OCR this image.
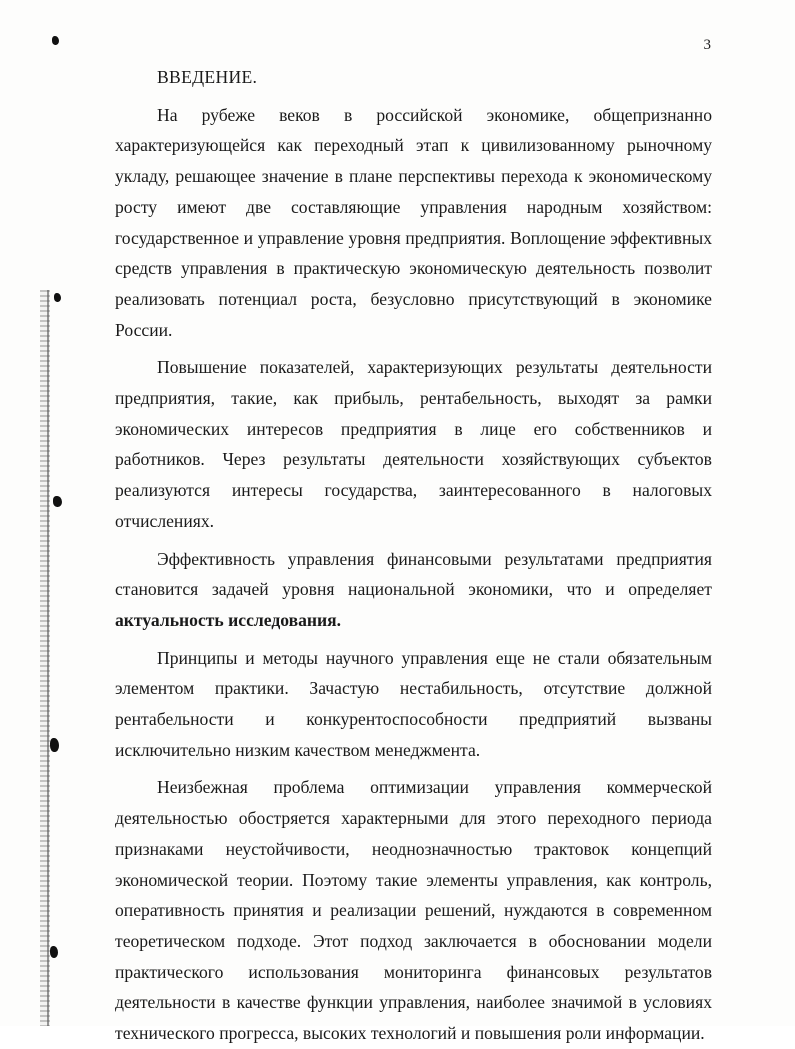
3
ВВЕДЕНИЕ.

На рубеже веков в российской экономике, общепризнанно характеризующейся как переходный этап к цивилизованному рыночному укладу, решающее значение в плане перспективы перехода к экономическому росту имеют две составляющие управления народным хозяйством: государственное и управление уровня предприятия. Воплощение эффективных средств управления в практическую экономическую деятельность позволит реализовать потенциал роста, безусловно присутствующий в экономике России.

Повышение показателей, характеризующих результаты деятельности предприятия, такие, как прибыль, рентабельность, выходят за рамки экономических интересов предприятия в лице его собственников и работников. Через результаты деятельности хозяйствующих субъектов реализуются интересы государства, заинтересованного в налоговых отчислениях.

Эффективность управления финансовыми результатами предприятия становится задачей уровня национальной экономики, что и определяет актуальность исследования.

Принципы и методы научного управления еще не стали обязательным элементом практики. Зачастую нестабильность, отсутствие должной рентабельности и конкурентоспособности предприятий вызваны исключительно низким качеством менеджмента.

Неизбежная проблема оптимизации управления коммерческой деятельностью обостряется характерными для этого переходного периода признаками неустойчивости, неоднозначностью трактовок концепций экономической теории. Поэтому такие элементы управления, как контроль, оперативность принятия и реализации решений, нуждаются в современном теоретическом подходе. Этот подход заключается в обосновании модели практического использования мониторинга финансовых результатов деятельности в качестве функции управления, наиболее значимой в условиях технического прогресса, высоких технологий и повышения роли информации.
